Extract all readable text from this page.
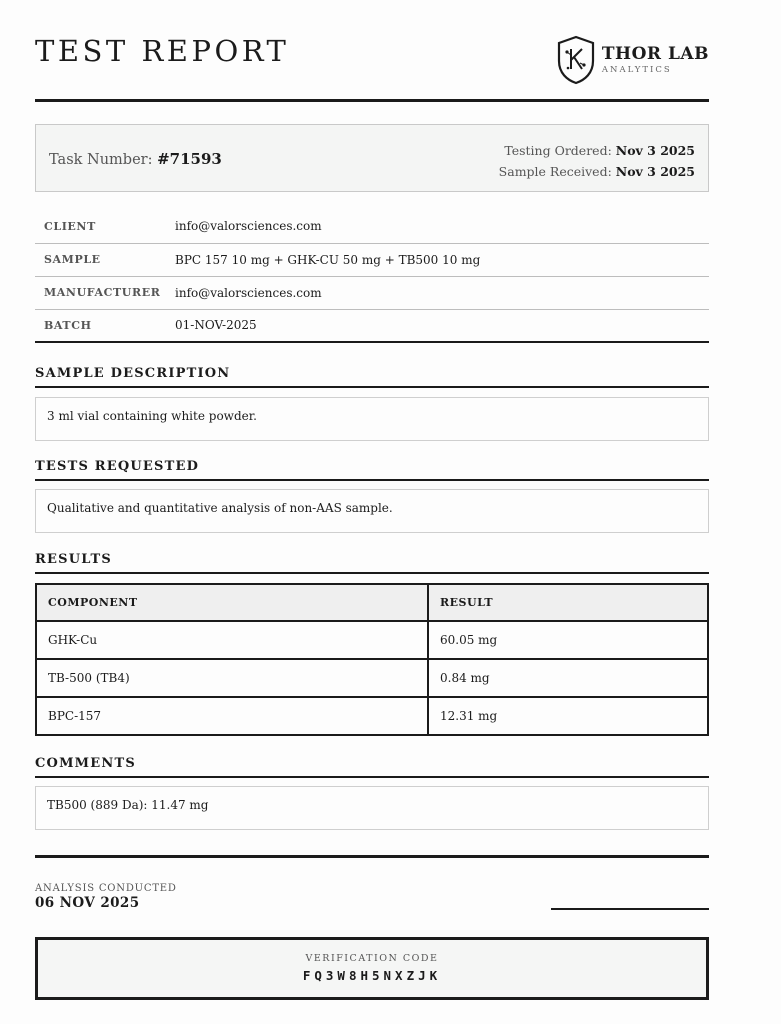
TEST REPORT	THOR LAB
ANALYTICS
Task Number: #71593	Testing Ordered: Nov 3 2025
Sample Received: Nov 3 2025
CLIENT	info@valorsciences.com
SAMPLE	BPC 157 10 mg + GHK-CU 50 mg + TB500 10 mg
MANUFACTURER	info@valorsciences.com
BATCH	01-NOV-2025
SAMPLE DESCRIPTION
3 ml vial containing white powder.
TESTS REQUESTED
Qualitative and quantitative analysis of non-AAS sample.
RESULTS
COMPONENT	RESULT
GHK-Cu	60.05 mg
TB-500 (TB4)	0.84 mg
BPC-157	12.31 mg
COMMENTS
TB500 (889 Da): 11.47 mg
ANALYSIS CONDUCTED
06 NOV 2025
VERIFICATION CODE
FQ3W8H5NXZJK
